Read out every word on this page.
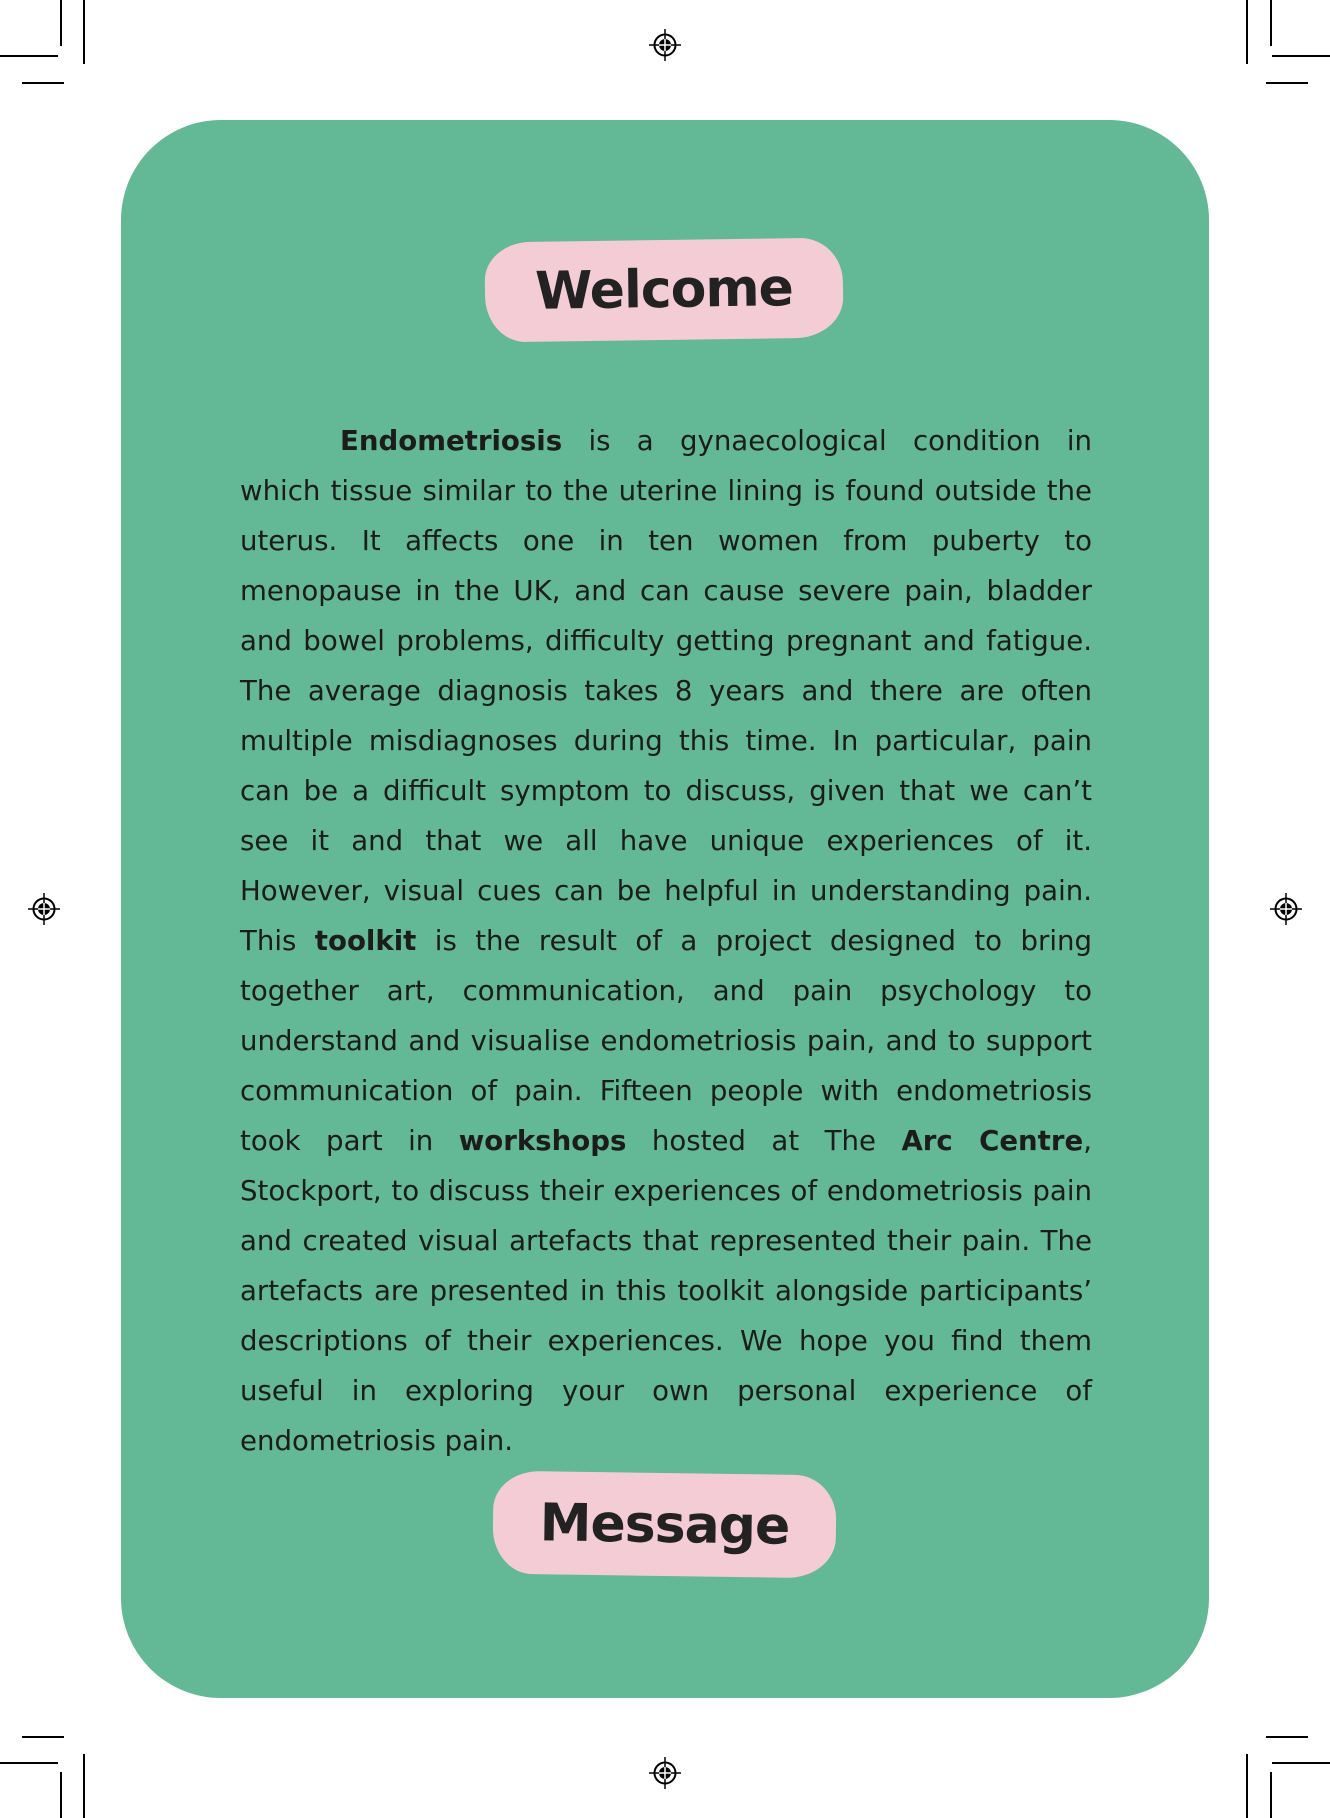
Welcome

Endometriosis is a gynaecological condition in which tissue similar to the uterine lining is found outside the uterus. It affects one in ten women from puberty to menopause in the UK, and can cause severe pain, bladder and bowel problems, difficulty getting pregnant and fatigue. The average diagnosis takes 8 years and there are often multiple misdiagnoses during this time. In particular, pain can be a difficult symptom to discuss, given that we can’t see it and that we all have unique experiences of it. However, visual cues can be helpful in understanding pain. This toolkit is the result of a project designed to bring together art, communication, and pain psychology to understand and visualise endometriosis pain, and to support communication of pain. Fifteen people with endometriosis took part in workshops hosted at The Arc Centre, Stockport, to discuss their experiences of endometriosis pain and created visual artefacts that represented their pain. The artefacts are presented in this toolkit alongside participants’ descriptions of their experiences. We hope you find them useful in exploring your own personal experience of endometriosis pain.

Message
